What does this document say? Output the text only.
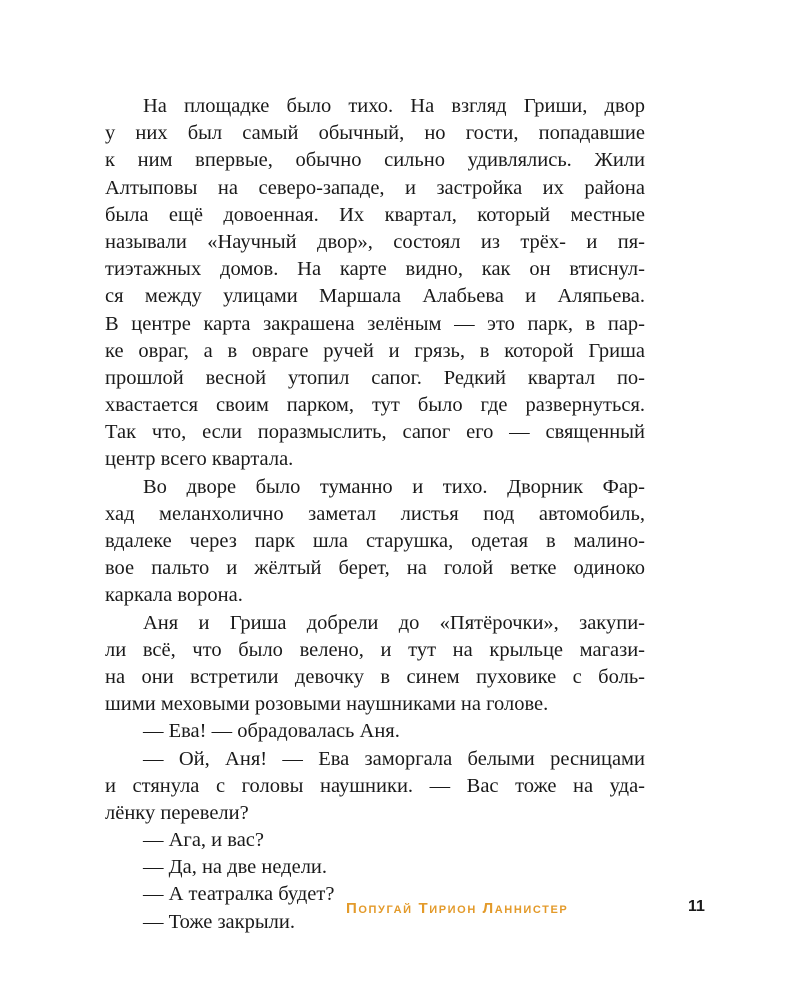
На площадке было тихо. На взгляд Гриши, двор
у них был самый обычный, но гости, попадавшие
к ним впервые, обычно сильно удивлялись. Жили
Алтыповы на северо-западе, и застройка их района
была ещё довоенная. Их квартал, который местные
называли «Научный двор», состоял из трёх- и пя-
тиэтажных домов. На карте видно, как он втиснул-
ся между улицами Маршала Алабьева и Аляпьева.
В центре карта закрашена зелёным — это парк, в пар-
ке овраг, а в овраге ручей и грязь, в которой Гриша
прошлой весной утопил сапог. Редкий квартал по-
хвастается своим парком, тут было где развернуться.
Так что, если поразмыслить, сапог его — священный
центр всего квартала.
Во дворе было туманно и тихо. Дворник Фар-
хад меланхолично заметал листья под автомобиль,
вдалеке через парк шла старушка, одетая в малино-
вое пальто и жёлтый берет, на голой ветке одиноко
каркала ворона.
Аня и Гриша добрели до «Пятёрочки», закупи-
ли всё, что было велено, и тут на крыльце магази-
на они встретили девочку в синем пуховике с боль-
шими меховыми розовыми наушниками на голове.
— Ева! — обрадовалась Аня.
— Ой, Аня! — Ева заморгала белыми ресницами
и стянула с головы наушники. — Вас тоже на уда-
лёнку перевели?
— Ага, и вас?
— Да, на две недели.
— А театралка будет?
— Тоже закрыли.
Попугай Тирион Ланнистер	11
